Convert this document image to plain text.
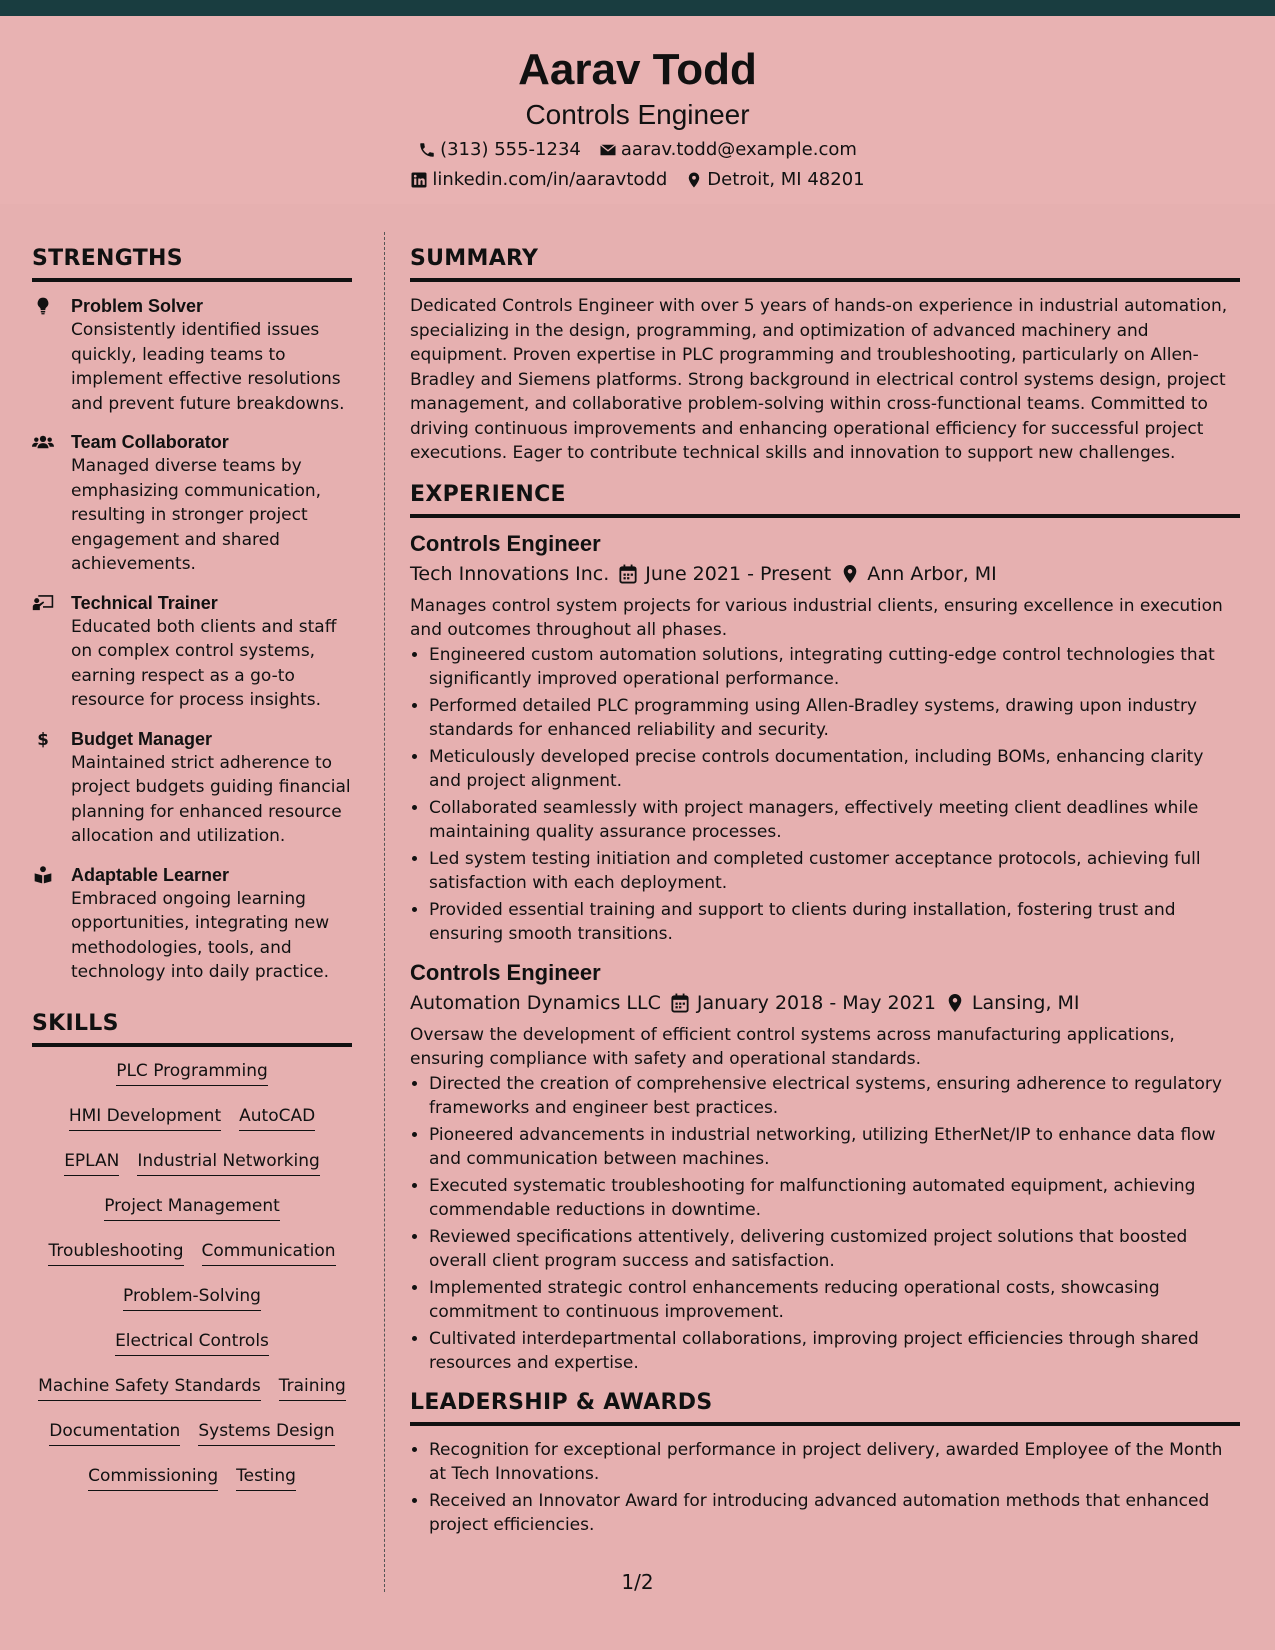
Aarav Todd
Controls Engineer
(313) 555-1234 aarav.todd@example.com
linkedin.com/in/aaravtodd Detroit, MI 48201
STRENGTHS
Problem Solver
Consistently identified issues quickly, leading teams to implement effective resolutions and prevent future breakdowns.
Team Collaborator
Managed diverse teams by emphasizing communication, resulting in stronger project engagement and shared achievements.
Technical Trainer
Educated both clients and staff on complex control systems, earning respect as a go-to resource for process insights.
$ Budget Manager
Maintained strict adherence to project budgets guiding financial planning for enhanced resource allocation and utilization.
Adaptable Learner
Embraced ongoing learning opportunities, integrating new methodologies, tools, and technology into daily practice.
SKILLS
PLC Programming
HMI Development AutoCAD
EPLAN Industrial Networking
Project Management
Troubleshooting Communication
Problem-Solving
Electrical Controls
Machine Safety Standards Training
Documentation Systems Design
Commissioning Testing
SUMMARY

Dedicated Controls Engineer with over 5 years of hands-on experience in industrial automation, specializing in the design, programming, and optimization of advanced machinery and equipment. Proven expertise in PLC programming and troubleshooting, particularly on Allen-Bradley and Siemens platforms. Strong background in electrical control systems design, project management, and collaborative problem-solving within cross-functional teams. Committed to driving continuous improvements and enhancing operational efficiency for successful project executions. Eager to contribute technical skills and innovation to support new challenges.

EXPERIENCE
Controls Engineer
Tech Innovations Inc. June 2021 - Present Ann Arbor, MI

Manages control system projects for various industrial clients, ensuring excellence in execution and outcomes throughout all phases.

• Engineered custom automation solutions, integrating cutting-edge control technologies that significantly improved operational performance.
• Performed detailed PLC programming using Allen-Bradley systems, drawing upon industry standards for enhanced reliability and security.
• Meticulously developed precise controls documentation, including BOMs, enhancing clarity and project alignment.
• Collaborated seamlessly with project managers, effectively meeting client deadlines while maintaining quality assurance processes.
• Led system testing initiation and completed customer acceptance protocols, achieving full satisfaction with each deployment.
• Provided essential training and support to clients during installation, fostering trust and ensuring smooth transitions.
Controls Engineer
Automation Dynamics LLC January 2018 - May 2021 Lansing, MI

Oversaw the development of efficient control systems across manufacturing applications, ensuring compliance with safety and operational standards.

• Directed the creation of comprehensive electrical systems, ensuring adherence to regulatory frameworks and engineer best practices.
• Pioneered advancements in industrial networking, utilizing EtherNet/IP to enhance data flow and communication between machines.
• Executed systematic troubleshooting for malfunctioning automated equipment, achieving commendable reductions in downtime.
• Reviewed specifications attentively, delivering customized project solutions that boosted overall client program success and satisfaction.
• Implemented strategic control enhancements reducing operational costs, showcasing commitment to continuous improvement.
• Cultivated interdepartmental collaborations, improving project efficiencies through shared resources and expertise.
LEADERSHIP & AWARDS
• Recognition for exceptional performance in project delivery, awarded Employee of the Month at Tech Innovations.
• Received an Innovator Award for introducing advanced automation methods that enhanced project efficiencies.
1/2
